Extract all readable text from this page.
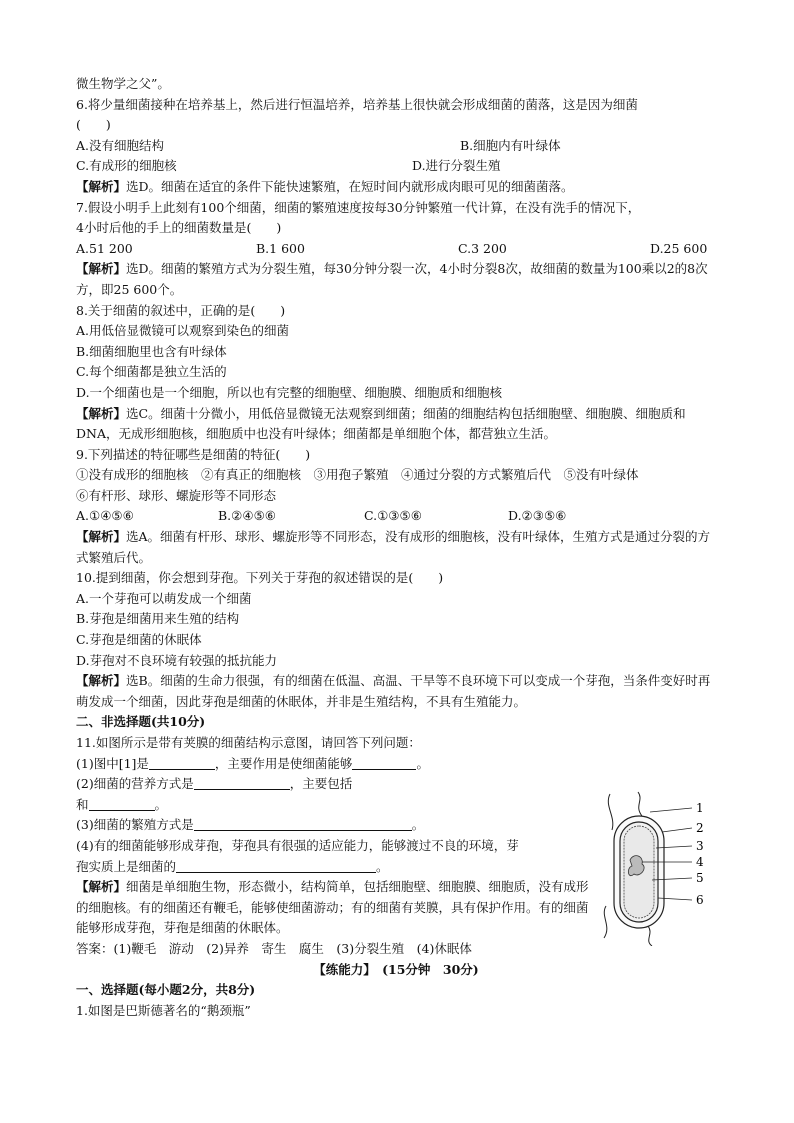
微生物学之父”。
6.将少量细菌接种在培养基上，然后进行恒温培养，培养基上很快就会形成细菌的菌落，这是因为细菌
(　　)
A.没有细胞结构	B.细胞内有叶绿体
C.有成形的细胞核	D.进行分裂生殖
【解析】选D。细菌在适宜的条件下能快速繁殖，在短时间内就形成肉眼可见的细菌菌落。
7.假设小明手上此刻有100个细菌，细菌的繁殖速度按每30分钟繁殖一代计算，在没有洗手的情况下，
4小时后他的手上的细菌数量是(　　)
A.51 200	B.1 600	C.3 200	D.25 600
【解析】选D。细菌的繁殖方式为分裂生殖，每30分钟分裂一次，4小时分裂8次，故细菌的数量为100乘以2的8次方，即25 600个。
8.关于细菌的叙述中，正确的是(　　)
A.用低倍显微镜可以观察到染色的细菌
B.细菌细胞里也含有叶绿体
C.每个细菌都是独立生活的
D.一个细菌也是一个细胞，所以也有完整的细胞壁、细胞膜、细胞质和细胞核
【解析】选C。细菌十分微小，用低倍显微镜无法观察到细菌；细菌的细胞结构包括细胞壁、细胞膜、细胞质和DNA，无成形细胞核，细胞质中也没有叶绿体；细菌都是单细胞个体，都营独立生活。
9.下列描述的特征哪些是细菌的特征(　　)
①没有成形的细胞核　②有真正的细胞核　③用孢子繁殖　④通过分裂的方式繁殖后代　⑤没有叶绿体
⑥有杆形、球形、螺旋形等不同形态
A.①④⑤⑥	B.②④⑤⑥	C.①③⑤⑥	D.②③⑤⑥
【解析】选A。细菌有杆形、球形、螺旋形等不同形态，没有成形的细胞核，没有叶绿体，生殖方式是通过分裂的方式繁殖后代。
10.提到细菌，你会想到芽孢。下列关于芽孢的叙述错误的是(　　)
A.一个芽孢可以萌发成一个细菌
B.芽孢是细菌用来生殖的结构
C.芽孢是细菌的休眠体
D.芽孢对不良环境有较强的抵抗能力
【解析】选B。细菌的生命力很强，有的细菌在低温、高温、干旱等不良环境下可以变成一个芽孢，当条件变好时再萌发成一个细菌，因此芽孢是细菌的休眠体，并非是生殖结构，不具有生殖能力。
二、非选择题(共10分)
11.如图所示是带有荚膜的细菌结构示意图，请回答下列问题：
(1)图中[1]是	，主要作用是使细菌能够	。
(2)细菌的营养方式是	，主要包括
和	。
(3)细菌的繁殖方式是	。
(4)有的细菌能够形成芽孢，芽孢具有很强的适应能力，能够渡过不良的环境，芽
孢实质上是细菌的	。
【解析】细菌是单细胞生物，形态微小，结构简单，包括细胞壁、细胞膜、细胞质，没有成形的细胞核。有的细菌还有鞭毛，能够使细菌游动；有的细菌有荚膜，具有保护作用。有的细菌能够形成芽孢，芽孢是细菌的休眠体。
答案：(1)鞭毛　游动　(2)异养　寄生　腐生　(3)分裂生殖　(4)休眠体
【练能力】　 (15分钟　30分)
一、选择题(每小题2分，共8分)
1.如图是巴斯德著名的“鹅颈瓶”
1
2
3
4
5
6
